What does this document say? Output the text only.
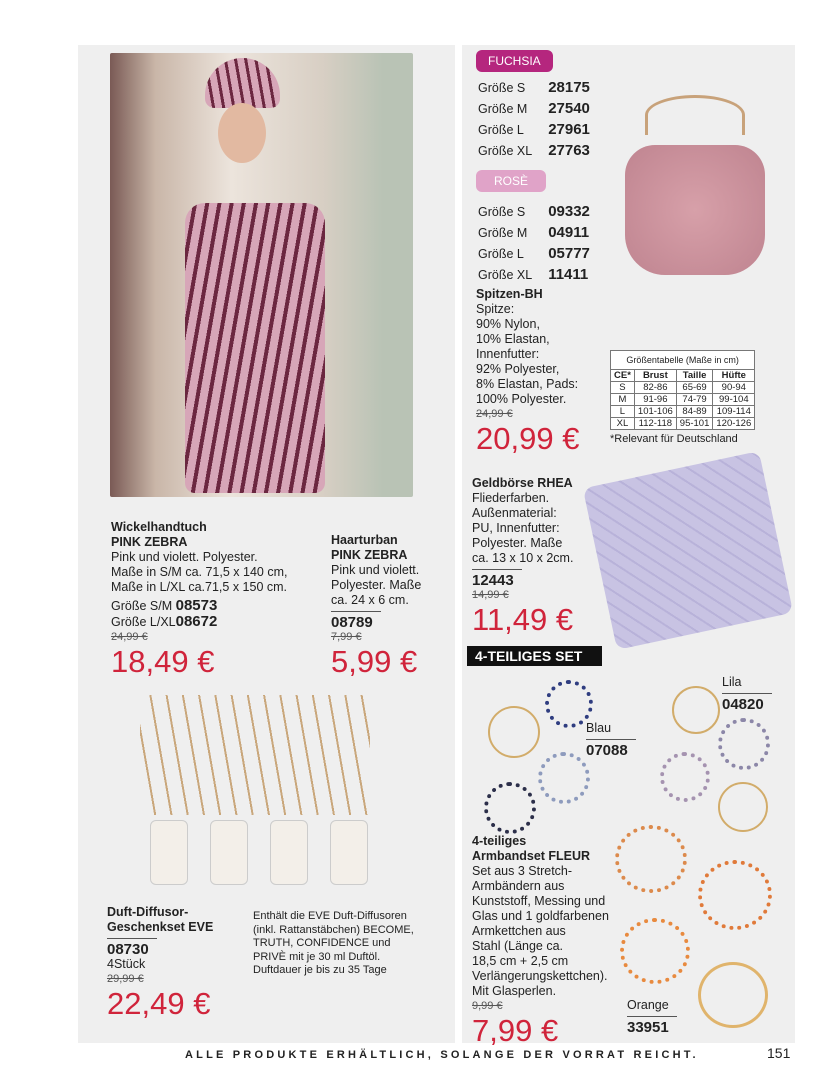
Wickelhandtuch
PINK ZEBRA
Pink und violett. Polyester.
Maße in S/M ca. 71,5 x 140 cm,
Maße in L/XL ca.71,5 x 150 cm.
Größe S/M 08573
Größe L/XL08672
24,99 €
18,49 €
Haarturban
PINK ZEBRA
Pink und violett.
Polyester. Maße
ca. 24 x 6 cm.
08789
7,99 €
5,99 €
Duft-Diffusor-
Geschenkset EVE
08730
4Stück
29,99 €
22,49 €
Enthält die EVE Duft-Diffusoren
(inkl. Rattanstäbchen) BECOME,
TRUTH, CONFIDENCE und
PRIVÈ mit je 30 ml Duftöl.
Duftdauer je bis zu 35 Tage
FUCHSIA
Größe S	28175
Größe M	27540
Größe L	27961
Größe XL	27763
ROSÈ
Größe S	09332
Größe M	04911
Größe L	05777
Größe XL	11411
Spitzen-BH
Spitze:
90% Nylon,
10% Elastan,
Innenfutter:
92% Polyester,
8% Elastan, Pads:
100% Polyester.
24,99 €
20,99 €
Größentabelle (Maße in cm)			
CE*	Brust	Taille	Hüfte
S	82-86	65-69	90-94
M	91-96	74-79	99-104
L	101-106	84-89	109-114
XL	112-118	95-101	120-126
*Relevant für Deutschland
Geldbörse RHEA
Fliederfarben.
Außenmaterial:
PU, Innenfutter:
Polyester. Maße
ca. 13 x 10 x 2cm.
12443
14,99 €
11,49 €
4-TEILIGES SET
Lila
04820
Blau
07088
Orange
33951
4-teiliges
Armbandset FLEUR
Set aus 3 Stretch-
Armbändern aus
Kunststoff, Messing und
Glas und 1 goldfarbenen
Armkettchen aus
Stahl (Länge ca.
18,5 cm + 2,5 cm
Verlängerungskettchen).
Mit Glasperlen.
9,99 €
7,99 €
ALLE PRODUKTE ERHÄLTLICH, SOLANGE DER VORRAT REICHT.	151
